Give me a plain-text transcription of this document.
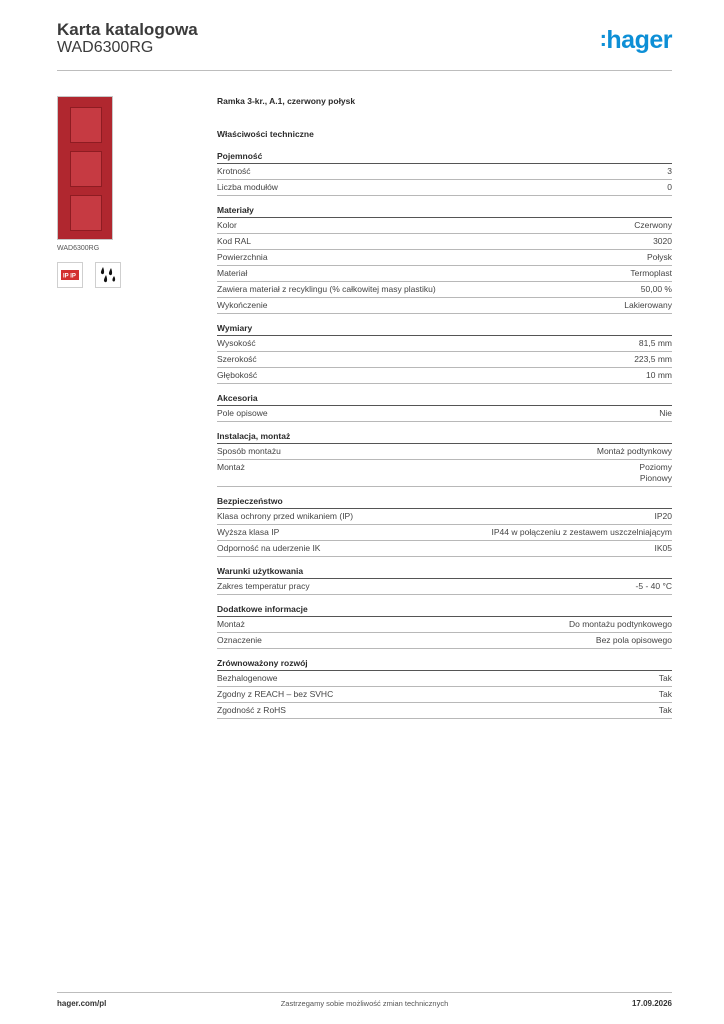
Karta katalogowa
WAD6300RG	:hager
WAD6300RG
IP IP
Ramka 3-kr., A.1, czerwony połysk
Właściwości techniczne
Pojemność
Krotność	3
Liczba modułów	0
Materiały
Kolor	Czerwony
Kod RAL	3020
Powierzchnia	Połysk
Materiał	Termoplast
Zawiera materiał z recyklingu (% całkowitej masy plastiku)	50,00 %
Wykończenie	Lakierowany
Wymiary
Wysokość	81,5 mm
Szerokość	223,5 mm
Głębokość	10 mm
Akcesoria
Pole opisowe	Nie
Instalacja, montaż
Sposób montażu	Montaż podtynkowy
Montaż	Poziomy
Pionowy
Bezpieczeństwo
Klasa ochrony przed wnikaniem (IP)	IP20
Wyższa klasa IP	IP44 w połączeniu z zestawem uszczelniającym
Odporność na uderzenie IK	IK05
Warunki użytkowania
Zakres temperatur pracy	-5 - 40 °C
Dodatkowe informacje
Montaż	Do montażu podtynkowego
Oznaczenie	Bez pola opisowego
Zrównoważony rozwój
Bezhalogenowe	Tak
Zgodny z REACH – bez SVHC	Tak
Zgodność z RoHS	Tak
hager.com/pl	Zastrzegamy sobie możliwość zmian technicznych	17.09.2026
